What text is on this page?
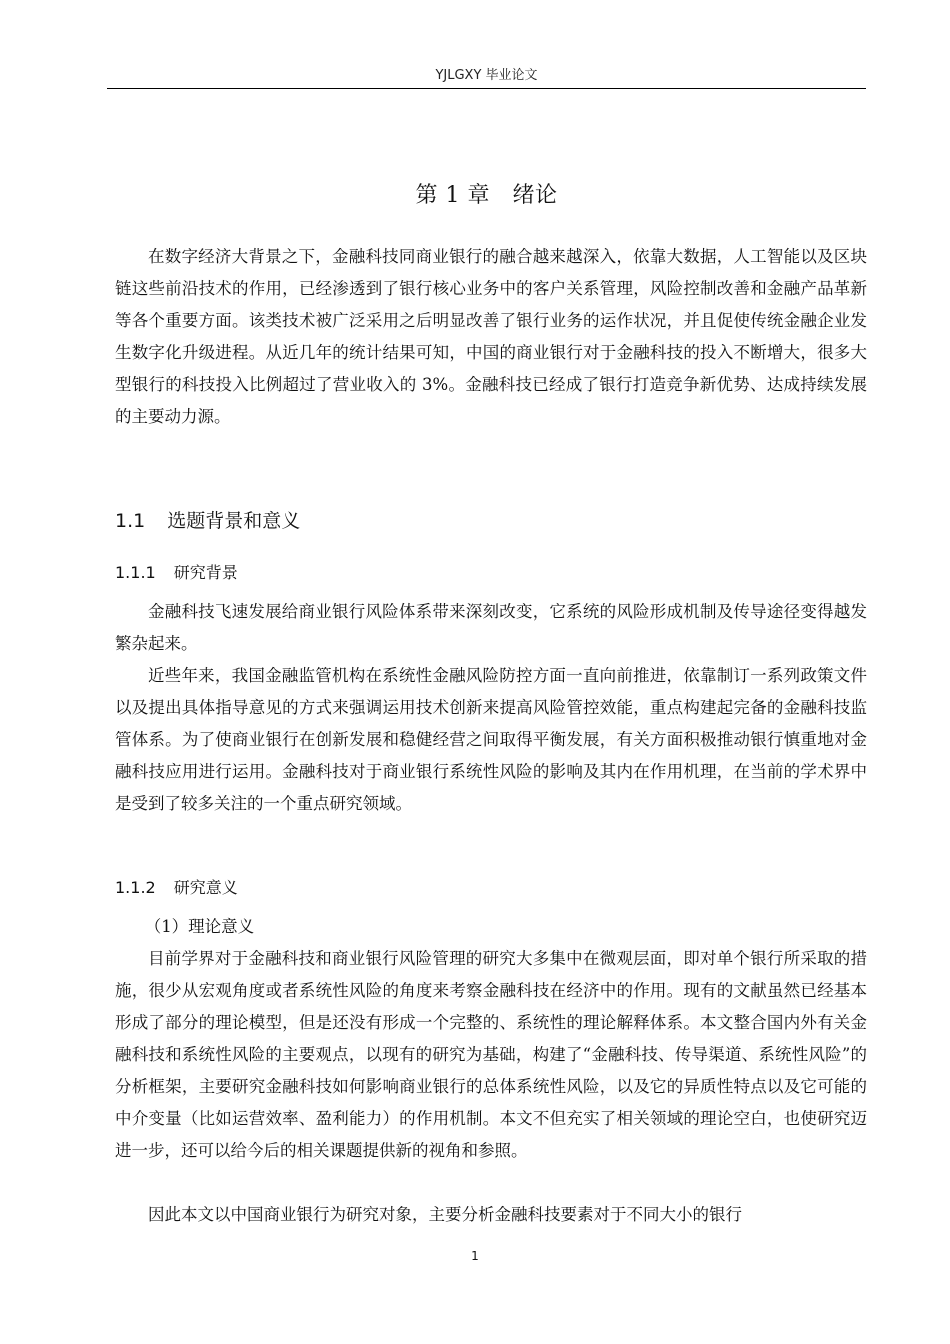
YJLGXY 毕业论文
第 1 章　绪论

在数字经济大背景之下，金融科技同商业银行的融合越来越深入，依靠大数据，人工智能以及区块链这些前沿技术的作用，已经渗透到了银行核心业务中的客户关系管理，风险控制改善和金融产品革新等各个重要方面。该类技术被广泛采用之后明显改善了银行业务的运作状况，并且促使传统金融企业发生数字化升级进程。从近几年的统计结果可知，中国的商业银行对于金融科技的投入不断增大，很多大型银行的科技投入比例超过了营业收入的 3%。金融科技已经成了银行打造竞争新优势、达成持续发展的主要动力源。

1.1 选题背景和意义
1.1.1 研究背景

金融科技飞速发展给商业银行风险体系带来深刻改变，它系统的风险形成机制及传导途径变得越发繁杂起来。

近些年来，我国金融监管机构在系统性金融风险防控方面一直向前推进，依靠制订一系列政策文件以及提出具体指导意见的方式来强调运用技术创新来提高风险管控效能，重点构建起完备的金融科技监管体系。为了使商业银行在创新发展和稳健经营之间取得平衡发展，有关方面积极推动银行慎重地对金融科技应用进行运用。金融科技对于商业银行系统性风险的影响及其内在作用机理，在当前的学术界中是受到了较多关注的一个重点研究领域。

1.1.2 研究意义

（1）理论意义

目前学界对于金融科技和商业银行风险管理的研究大多集中在微观层面，即对单个银行所采取的措施，很少从宏观角度或者系统性风险的角度来考察金融科技在经济中的作用。现有的文献虽然已经基本形成了部分的理论模型，但是还没有形成一个完整的、系统性的理论解释体系。本文整合国内外有关金融科技和系统性风险的主要观点，以现有的研究为基础，构建了“金融科技、传导渠道、系统性风险”的分析框架，主要研究金融科技如何影响商业银行的总体系统性风险，以及它的异质性特点以及它可能的中介变量（比如运营效率、盈利能力）的作用机制。本文不但充实了相关领域的理论空白，也使研究迈进一步，还可以给今后的相关课题提供新的视角和参照。

因此本文以中国商业银行为研究对象，主要分析金融科技要素对于不同大小的银行

1
